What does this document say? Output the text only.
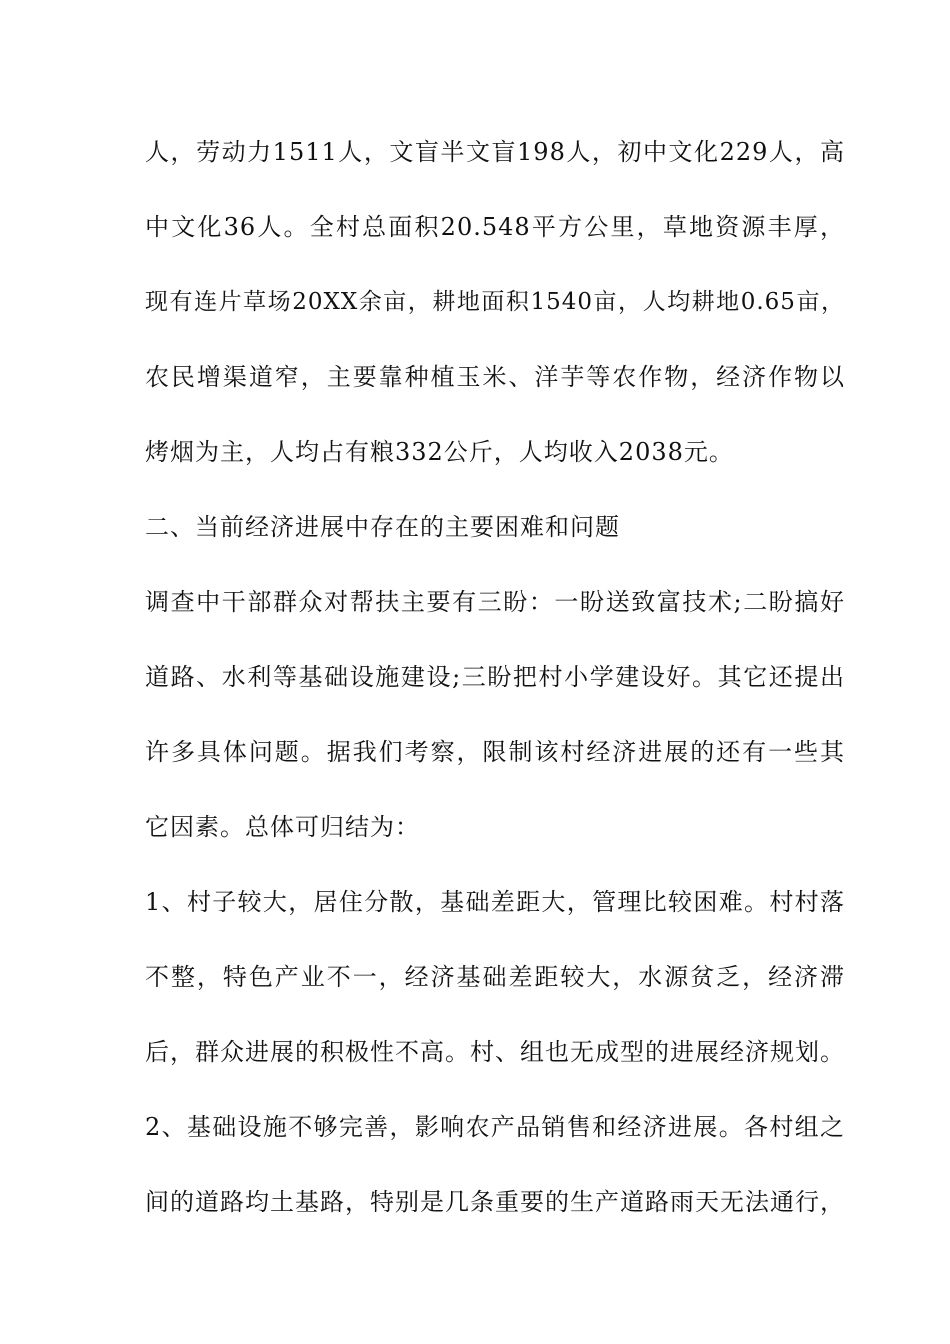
人，劳动力1511人，文盲半文盲198人，初中文化229人，高
中文化36人。全村总面积20.548平方公里，草地资源丰厚，
现有连片草场20XX余亩，耕地面积1540亩，人均耕地0.65亩，
农民增渠道窄，主要靠种植玉米、洋芋等农作物，经济作物以
烤烟为主，人均占有粮332公斤，人均收入2038元。
二、当前经济进展中存在的主要困难和问题
调查中干部群众对帮扶主要有三盼：一盼送致富技术;二盼搞好
道路、水利等基础设施建设;三盼把村小学建设好。其它还提出
许多具体问题。据我们考察，限制该村经济进展的还有一些其
它因素。总体可归结为：
1、村子较大，居住分散，基础差距大，管理比较困难。村村落
不整，特色产业不一，经济基础差距较大，水源贫乏，经济滞
后，群众进展的积极性不高。村、组也无成型的进展经济规划。
2、基础设施不够完善，影响农产品销售和经济进展。各村组之
间的道路均土基路，特别是几条重要的生产道路雨天无法通行，
